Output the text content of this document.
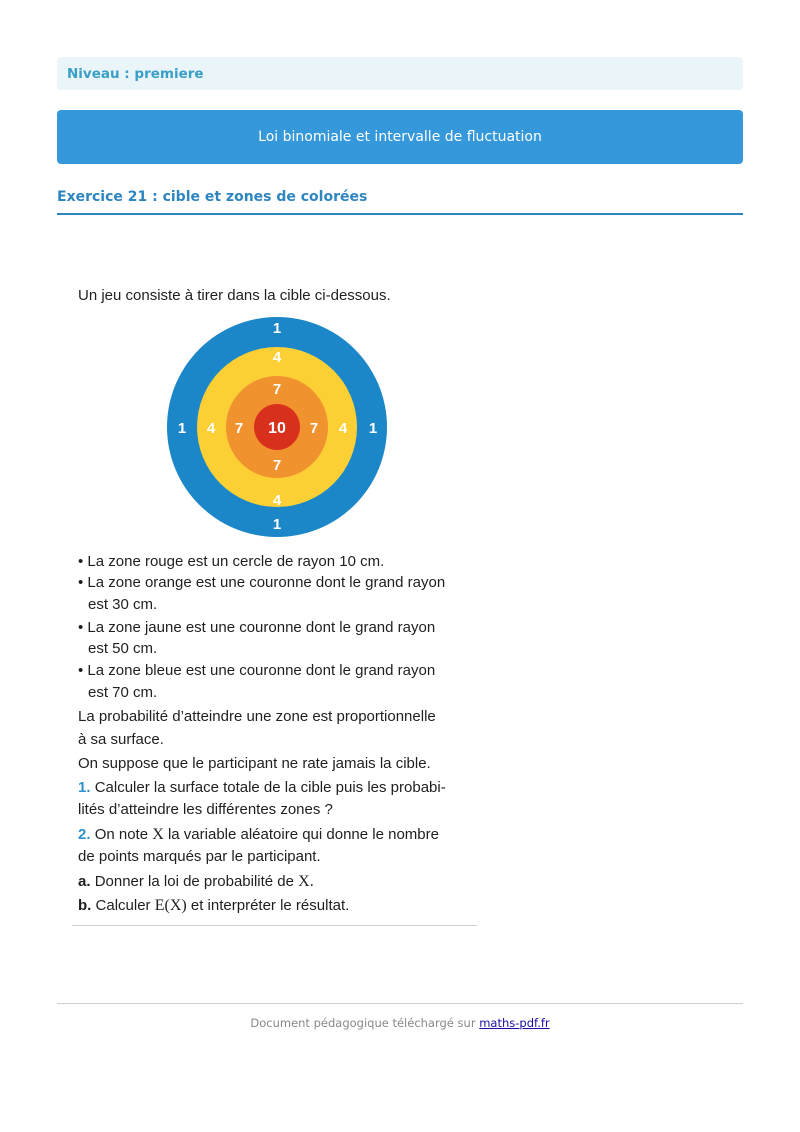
Niveau : premiere
Loi binomiale et intervalle de fluctuation
Exercice 21 : cible et zones de colorées
Un jeu consiste à tirer dans la cible ci-dessous.
10
7
7
7	7
4
4
4	4
1
1
1	1
• La zone rouge est un cercle de rayon 10 cm.
• La zone orange est une couronne dont le grand rayon
est 30 cm.
• La zone jaune est une couronne dont le grand rayon
est 50 cm.
• La zone bleue est une couronne dont le grand rayon
est 70 cm.
La probabilité d’atteindre une zone est proportionnelle
à sa surface.
On suppose que le participant ne rate jamais la cible.
1. Calculer la surface totale de la cible puis les probabi-
lités d’atteindre les différentes zones ?
2. On note X la variable aléatoire qui donne le nombre
de points marqués par le participant.
a. Donner la loi de probabilité de X.
b. Calculer E(X) et interpréter le résultat.
Document pédagogique téléchargé sur maths-pdf.fr
